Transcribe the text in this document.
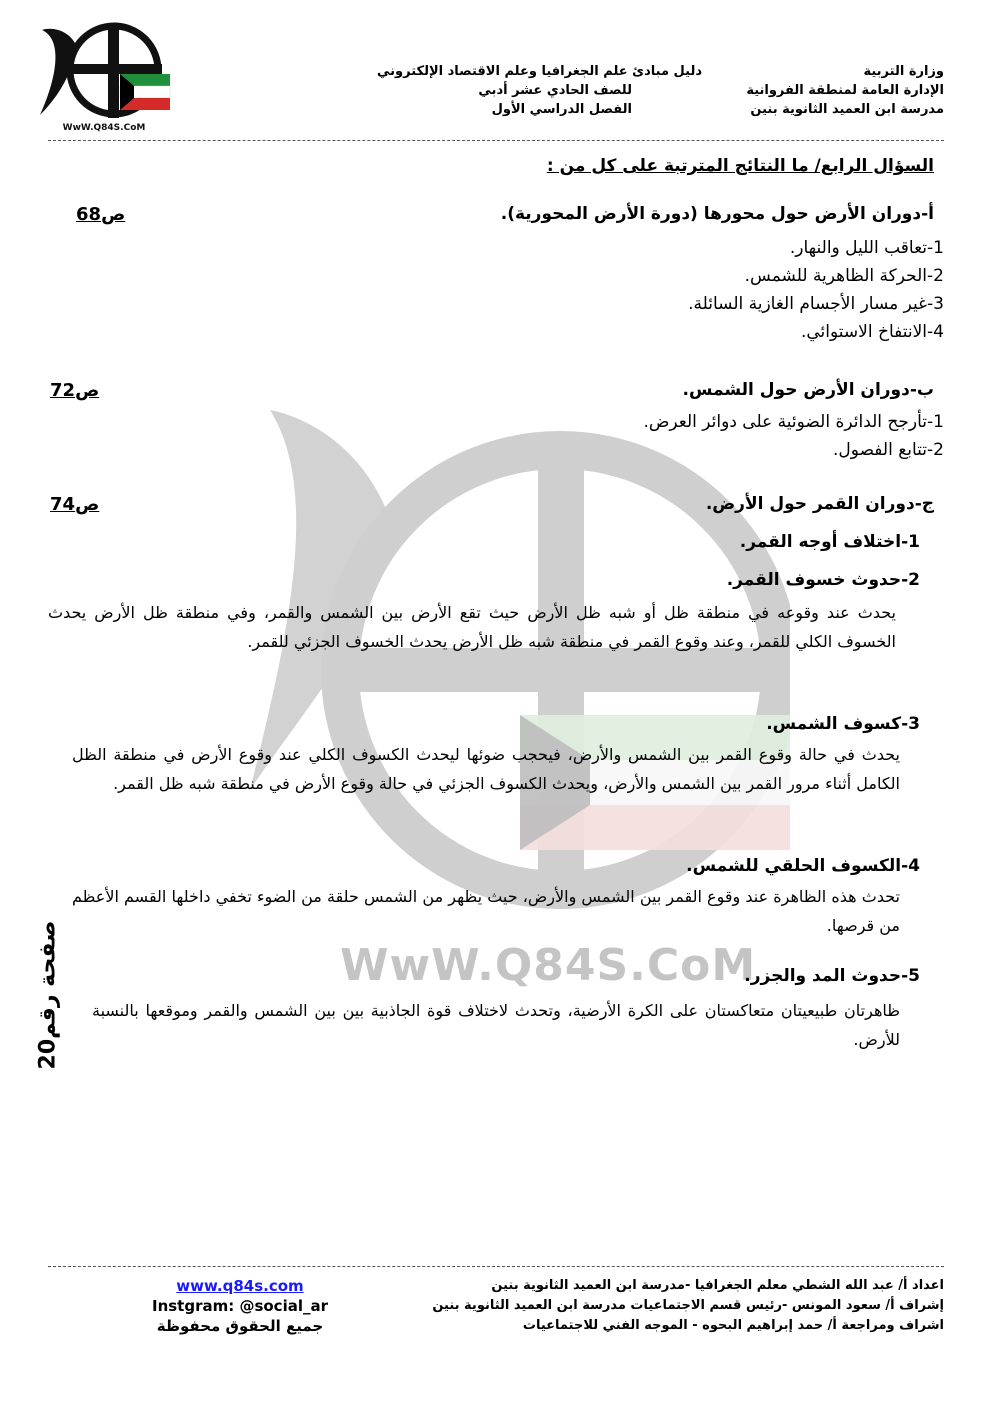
WwW.Q84S.CoM
WwW.Q84S.CoM
وزارة التربية
الإدارة العامة لمنطقة الفروانية
مدرسة ابن العميد الثانوية بنين
دليل مبادئ علم الجغرافيا وعلم الاقتصاد الإلكتروني
للصف الحادي عشر أدبي
الفصل الدراسي الأول
السؤال الرابع/ ما النتائج المترتبة على كل من :
أ-دوران الأرض حول محورها (دورة الأرض المحورية).
ص68
1-تعاقب الليل والنهار.
2-الحركة الظاهرية للشمس.
3-غير مسار الأجسام الغازية السائلة.
4-الانتفاخ الاستوائي.
ب-دوران الأرض حول الشمس.
ص72
1-تأرجح الدائرة الضوئية على دوائر العرض.
2-تتابع الفصول.
ج-دوران القمر حول الأرض.
ص74
1-اختلاف أوجه القمر.
2-حدوث خسوف القمر.
يحدث عند وقوعه في منطقة ظل أو شبه ظل الأرض حيث تقع الأرض بين الشمس والقمر، وفي منطقة ظل الأرض يحدث الخسوف الكلي للقمر، وعند وقوع القمر في منطقة شبه ظل الأرض يحدث الخسوف الجزئي للقمر.
3-كسوف الشمس.
يحدث في حالة وقوع القمر بين الشمس والأرض، فيحجب ضوئها ليحدث الكسوف الكلي عند وقوع الأرض في منطقة الظل الكامل أثناء مرور القمر بين الشمس والأرض، ويحدث الكسوف الجزئي في حالة وقوع الأرض في منطقة شبه ظل القمر.
4-الكسوف الحلقي للشمس.
تحدث هذه الظاهرة عند وقوع القمر بين الشمس والأرض، حيث يظهر من الشمس حلقة من الضوء تخفي داخلها القسم الأعظم من قرصها.
5-حدوث المد والجزر.
ظاهرتان طبيعيتان متعاكستان على الكرة الأرضية، وتحدث لاختلاف قوة الجاذبية بين بين الشمس والقمر وموقعها بالنسبة للأرض.
صفحة رقم20
اعداد أ/ عبد الله الشطي معلم الجغرافيا -مدرسة ابن العميد الثانوية بنين
إشراف أ/ سعود المونس -رئيس قسم الاجتماعيات مدرسة ابن العميد الثانوية بنين
اشراف ومراجعة أ/ حمد إبراهيم البحوه - الموجه الفني للاجتماعيات
www.q84s.com
Instgram: @social_ar
جميع الحقوق محفوظة
